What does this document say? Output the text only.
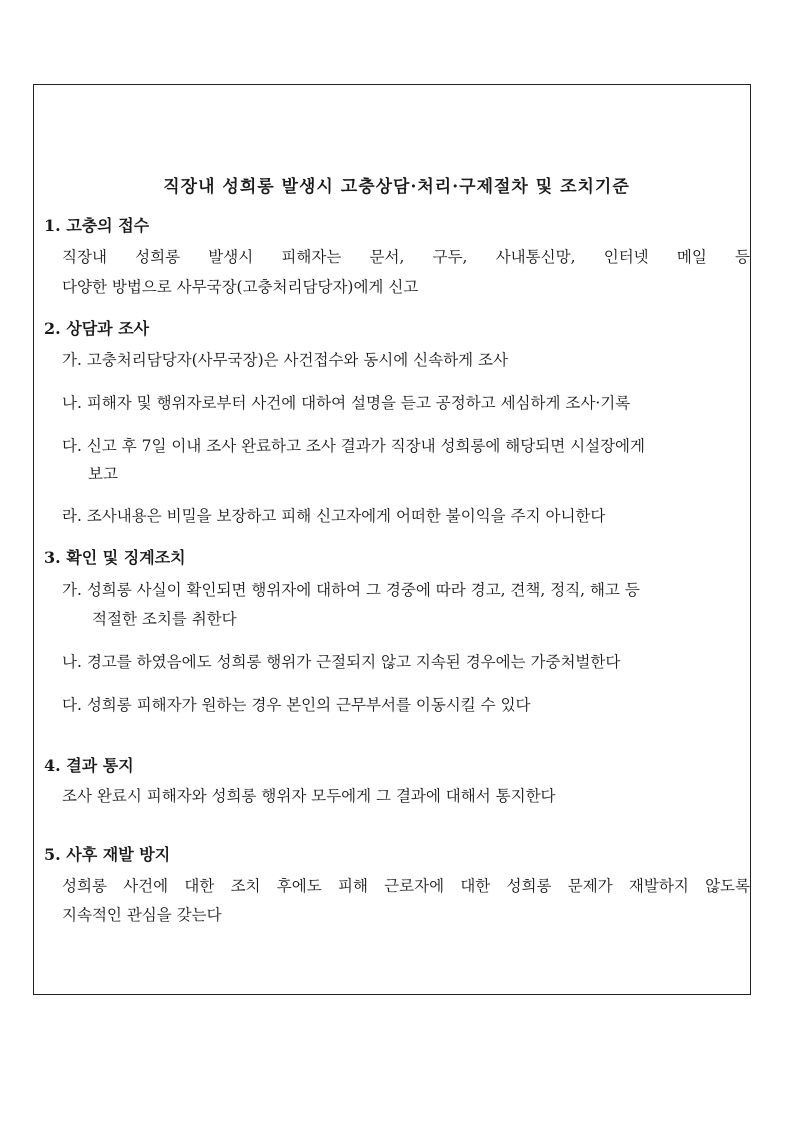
직장내 성희롱 발생시 고충상담·처리·구제절차 및 조치기준
1. 고충의 접수
직장내 성희롱 발생시 피해자는 문서, 구두, 사내통신망, 인터넷 메일 등
다양한 방법으로 사무국장(고충처리담당자)에게 신고
2. 상담과 조사
가. 고충처리담당자(사무국장)은 사건접수와 동시에 신속하게 조사
나. 피해자 및 행위자로부터 사건에 대하여 설명을 듣고 공정하고 세심하게 조사·기록
다. 신고 후 7일 이내 조사 완료하고 조사 결과가 직장내 성희롱에 해당되면 시설장에게
보고
라. 조사내용은 비밀을 보장하고 피해 신고자에게 어떠한 불이익을 주지 아니한다
3. 확인 및 징계조치
가. 성희롱 사실이 확인되면 행위자에 대하여 그 경중에 따라 경고, 견책, 정직, 해고 등
적절한 조치를 취한다
나. 경고를 하였음에도 성희롱 행위가 근절되지 않고 지속된 경우에는 가중처벌한다
다. 성희롱 피해자가 원하는 경우 본인의 근무부서를 이동시킬 수 있다
4. 결과 통지
조사 완료시 피해자와 성희롱 행위자 모두에게 그 결과에 대해서 통지한다
5. 사후 재발 방지
성희롱 사건에 대한 조치 후에도 피해 근로자에 대한 성희롱 문제가 재발하지 않도록
지속적인 관심을 갖는다
